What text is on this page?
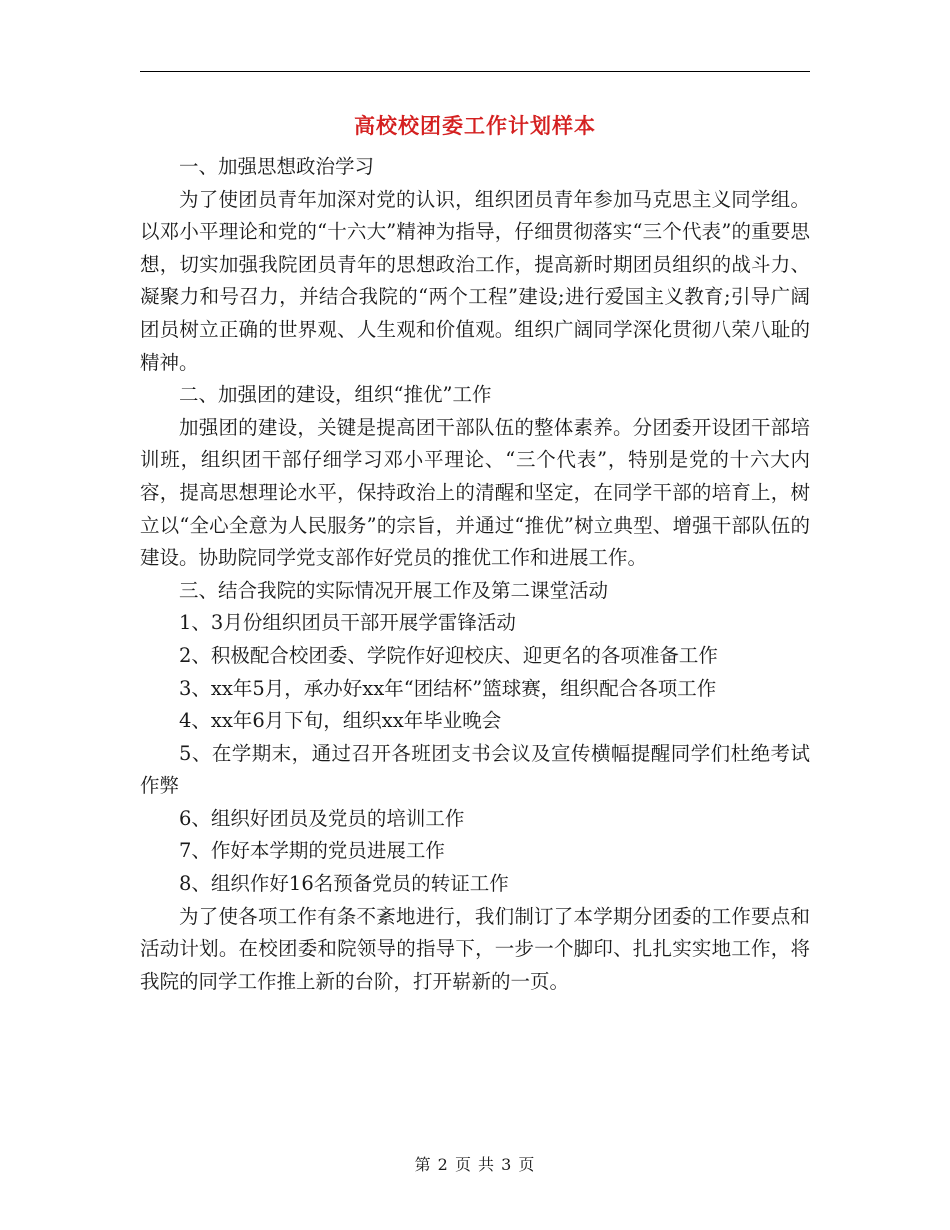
高校校团委工作计划样本

一、加强思想政治学习

为了使团员青年加深对党的认识，组织团员青年参加马克思主义同学组。以邓小平理论和党的“十六大”精神为指导，仔细贯彻落实“三个代表”的重要思想，切实加强我院团员青年的思想政治工作，提高新时期团员组织的战斗力、凝聚力和号召力，并结合我院的“两个工程”建设;进行爱国主义教育;引导广阔团员树立正确的世界观、人生观和价值观。组织广阔同学深化贯彻八荣八耻的精神。

二、加强团的建设，组织“推优”工作

加强团的建设，关键是提高团干部队伍的整体素养。分团委开设团干部培训班，组织团干部仔细学习邓小平理论、“三个代表”，特别是党的十六大内容，提高思想理论水平，保持政治上的清醒和坚定，在同学干部的培育上，树立以“全心全意为人民服务”的宗旨，并通过“推优”树立典型、增强干部队伍的建设。协助院同学党支部作好党员的推优工作和进展工作。

三、结合我院的实际情况开展工作及第二课堂活动

1、3月份组织团员干部开展学雷锋活动

2、积极配合校团委、学院作好迎校庆、迎更名的各项准备工作

3、xx年5月，承办好xx年“团结杯”篮球赛，组织配合各项工作

4、xx年6月下旬，组织xx年毕业晚会

5、在学期末，通过召开各班团支书会议及宣传横幅提醒同学们杜绝考试作弊

6、组织好团员及党员的培训工作

7、作好本学期的党员进展工作

8、组织作好16名预备党员的转证工作

为了使各项工作有条不紊地进行，我们制订了本学期分团委的工作要点和活动计划。在校团委和院领导的指导下，一步一个脚印、扎扎实实地工作，将我院的同学工作推上新的台阶，打开崭新的一页。

第 2 页 共 3 页
